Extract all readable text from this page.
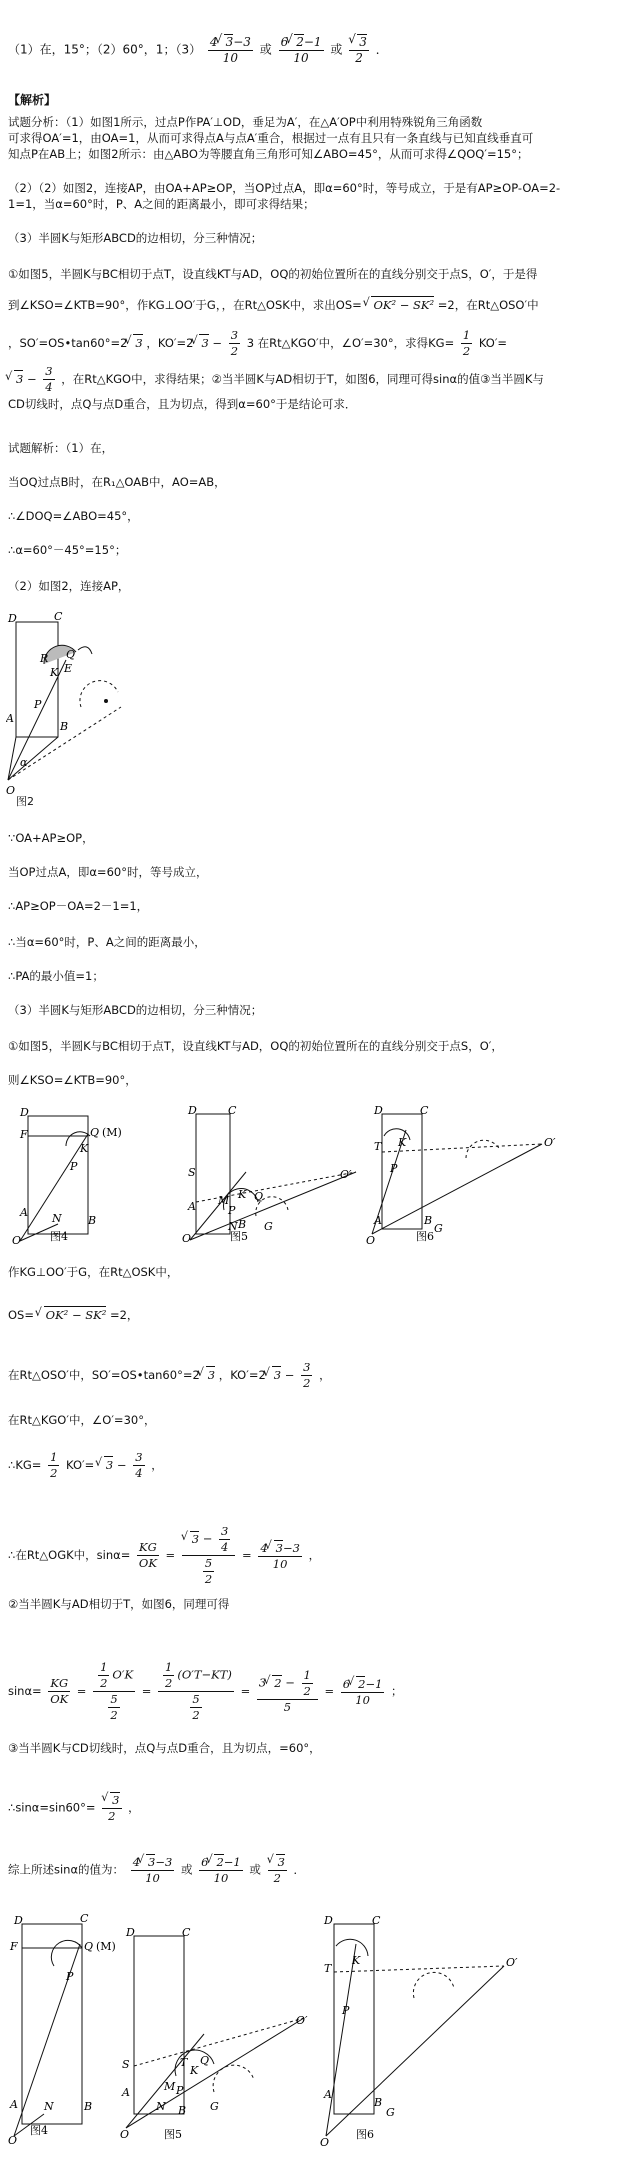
（1）在，15°；（2）60°，1；$(3) \frac{4 √ 3-3}{10}$ 或 $\frac{6 √ 2-1}{10}$ 或 √ $\frac{3}{2}$ ．
【解析】
试题分析：（1）如图1所示，过点P作PA′⊥OD，垂足为A′，在△A′OP中利用特殊锐角三角函数
可求得OA′=1，由OA=1，从而可求得点A与点A′重合，根据过一点有且只有一条直线与已知直线垂直可
知点P在AB上；如图2所示：由△ABO为等腰直角三角形可知∠ABO=45°，从而可求得∠QOQ′=15°；
（2）（2）如图2，连接AP，由OA+AP≥OP，当OP过点A，即α=60°时，等号成立，于是有AP≥OP-OA=2-
1=1，当α=60°时，P、A之间的距离最小，即可求得结果；
（3）半圆K与矩形ABCD的边相切，分三种情况；
①如图5，半圆K与BC相切于点T，设直线KT与AD，OQ的初始位置所在的直线分别交于点S，O′，于是得
到∠KSO=∠KTB=90°，作KG⊥OO′于G，，在Rt△OSK中，求出OS= √ OK² − SK² =2，在Rt△OSO′中
，SO′=OS•tan60°=2 √ 3 ，KO′=2 √ $3 - \frac{3}{2} 3$ 在Rt△KGO′中，∠O′=30°，求得$KG= \frac{1}{2} KO'=$
√ $3 - \frac{3}{4}$ ，在Rt△KGO中，求得结果；②当半圆K与AD相切于T，如图6，同理可得sinα的值③当半圆K与
CD切线时，点Q与点D重合，且为切点，得到α=60°于是结论可求．
试题解析：（1）在，
当OQ过点B时，在R₁△OAB中，AO=AB，
∴∠DOQ=∠ABO=45°，
∴α=60°－45°=15°；
（2）如图2，连接AP，
D	C
R Q
E
K
P
B
A
α
O
图2
∵OA+AP≥OP，
当OP过点A，即α=60°时，等号成立，
∴AP≥OP－OA=2－1=1，
∴当α=60°时，P、A之间的距离最小，
∴PA的最小值=1；
（3）半圆K与矩形ABCD的边相切，分三种情况；
①如图5，半圆K与BC相切于点T，设直线KT与AD，OQ的初始位置所在的直线分别交于点S，O′，
则∠KSO=∠KTB=90°，
D
F	Q (M)
K
P
A
B
N
O	图4
D	C
S
A M
P
K Q
N B G
O′
O	图5
D	C
T K
P
A	B
G
O′
O	图6
作KG⊥OO′于G，在Rt△OSK中，
OS= √ OK² − SK² =2，
在Rt△OSO′中，SO′=OS•tan60°=2 √ 3 ，KO′=2 √ $3 - \frac{3}{2}$ ，
在Rt△KGO′中，∠O′=30°，
∴KG= $\frac{1}{2} KO'=$ √ $3 - \frac{3}{4}$ ，
∴在Rt△OGK中，$\sin\alpha= \frac{KG}{OK}$ = √ $\frac{3 - \frac{3}{4}}{\frac{5}{2}} = \frac{4 √ 3-3}{10}$ ，
②当半圆K与AD相切于T，如图6，同理可得
$\sin\alpha= \frac{KG}{OK} = \frac{\frac{1}{2} O'K}{\frac{5}{2}} = \frac{\frac{1}{2} (O'T-KT)}{\frac{5}{2}} = \frac{3 √ 2 - \frac{1}{2}}{5} = \frac{6 √ 2-1}{10}$ ；
③当半圆K与CD切线时，点Q与点D重合，且为切点，=60°，
∴sinα=sin60°= √ $\frac{3}{2}$ ，
综上所述sinα的值为： $\frac{4 √ 3-3}{10}$ 或 $\frac{6 √ 2-1}{10}$ 或 √ $\frac{3}{2}$ ．
D	C
F	Q (M)
P
A N	B
O
图4
D	C
S
A	M P
T
K
Q
N B G
O′
O	图5
D	C
T
K
P
A
B
G
O′
O
图6
